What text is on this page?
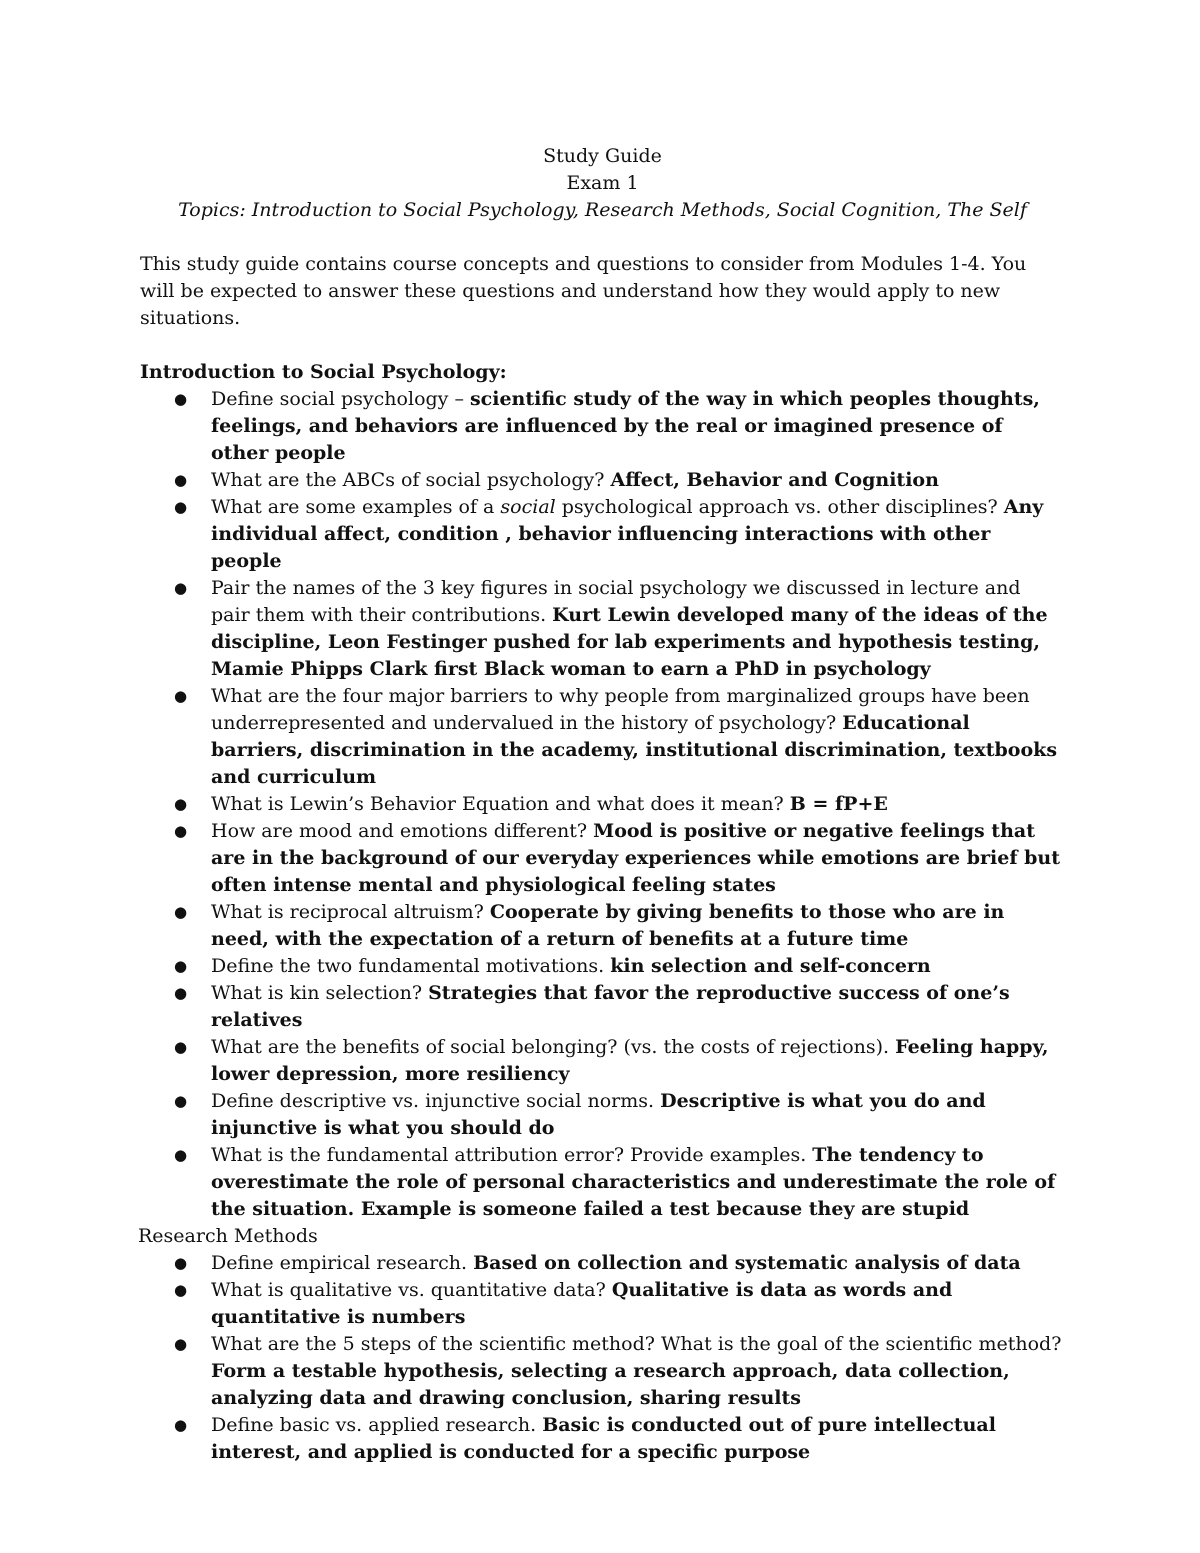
Study Guide
Exam 1
Topics: Introduction to Social Psychology, Research Methods, Social Cognition, The Self
This study guide contains course concepts and questions to consider from Modules 1-4. You will be expected to answer these questions and understand how they would apply to new situations.
Introduction to Social Psychology:
● Define social psychology – scientific study of the way in which peoples thoughts, feelings, and behaviors are influenced by the real or imagined presence of other people
● What are the ABCs of social psychology? Affect, Behavior and Cognition
● What are some examples of a social psychological approach vs. other disciplines? Any individual affect, condition , behavior influencing interactions with other people
● Pair the names of the 3 key figures in social psychology we discussed in lecture and pair them with their contributions. Kurt Lewin developed many of the ideas of the discipline, Leon Festinger pushed for lab experiments and hypothesis testing, Mamie Phipps Clark first Black woman to earn a PhD in psychology
● What are the four major barriers to why people from marginalized groups have been underrepresented and undervalued in the history of psychology? Educational barriers, discrimination in the academy, institutional discrimination, textbooks and curriculum
● What is Lewin’s Behavior Equation and what does it mean? B = fP+E
● How are mood and emotions different? Mood is positive or negative feelings that are in the background of our everyday experiences while emotions are brief but often intense mental and physiological feeling states
● What is reciprocal altruism? Cooperate by giving benefits to those who are in need, with the expectation of a return of benefits at a future time
● Define the two fundamental motivations. kin selection and self-concern
● What is kin selection? Strategies that favor the reproductive success of one’s relatives
● What are the benefits of social belonging? (vs. the costs of rejections). Feeling happy, lower depression, more resiliency
● Define descriptive vs. injunctive social norms. Descriptive is what you do and injunctive is what you should do
● What is the fundamental attribution error? Provide examples. The tendency to overestimate the role of personal characteristics and underestimate the role of the situation. Example is someone failed a test because they are stupid
Research Methods
● Define empirical research. Based on collection and systematic analysis of data
● What is qualitative vs. quantitative data? Qualitative is data as words and quantitative is numbers
● What are the 5 steps of the scientific method? What is the goal of the scientific method? Form a testable hypothesis, selecting a research approach, data collection, analyzing data and drawing conclusion, sharing results
● Define basic vs. applied research. Basic is conducted out of pure intellectual interest, and applied is conducted for a specific purpose
